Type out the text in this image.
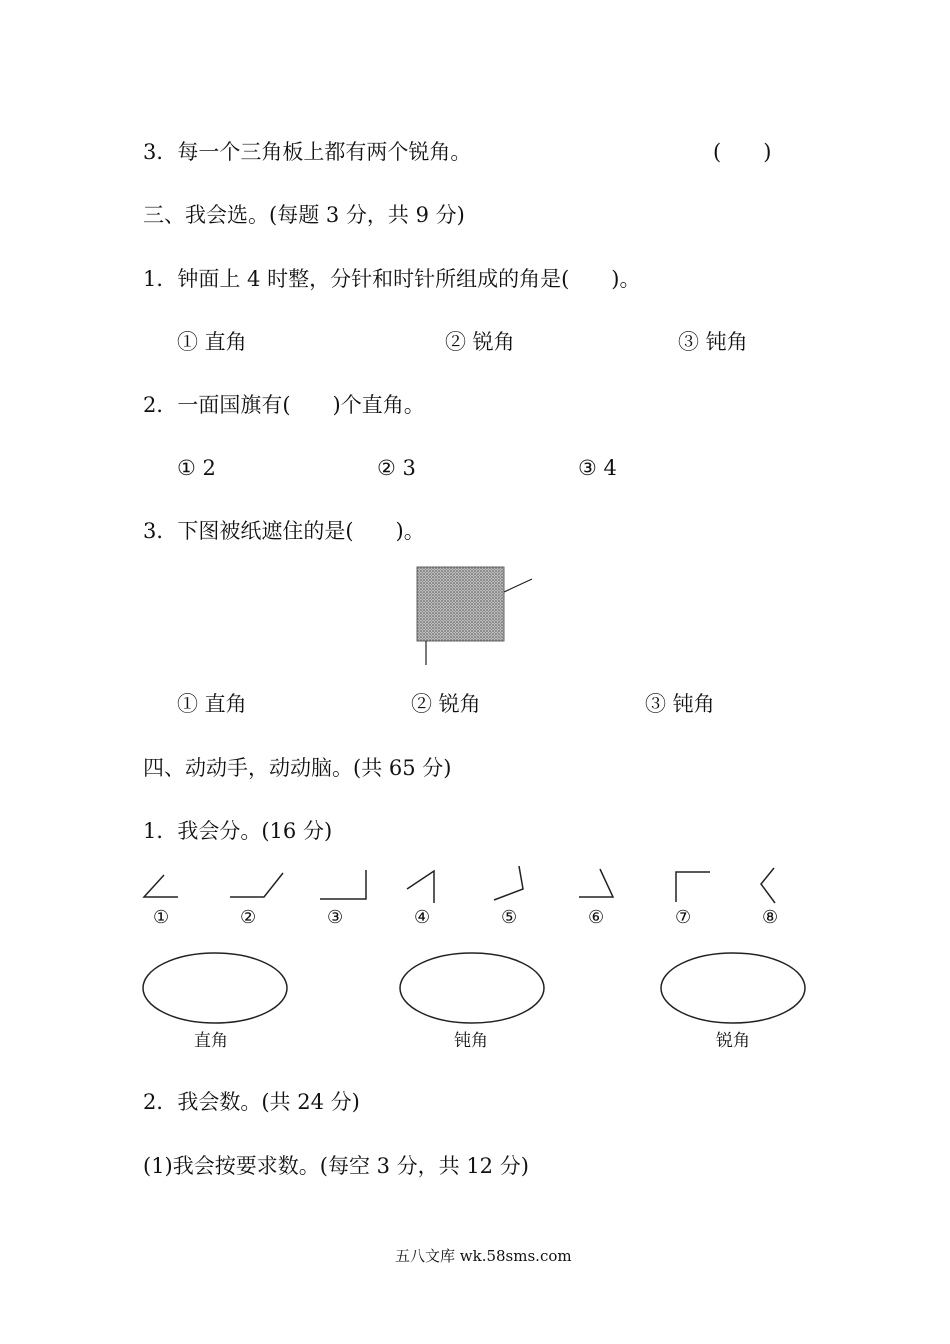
3．每一个三角板上都有两个锐角。	(　　)
三、我会选。(每题 3 分，共 9 分)
1．钟面上 4 时整，分针和时针所组成的角是(　　)。
① 直角	② 锐角	③ 钝角
2．一面国旗有(　　)个直角。
① 2	② 3	③ 4
3．下图被纸遮住的是(　　)。
① 直角	② 锐角	③ 钝角
四、动动手，动动脑。(共 65 分)
1．我会分。(16 分)
①	②	③	④	⑤	⑥	⑦	⑧
直角	钝角	锐角
2．我会数。(共 24 分)
(1)我会按要求数。(每空 3 分，共 12 分)
五八文库 wk.58sms.com
